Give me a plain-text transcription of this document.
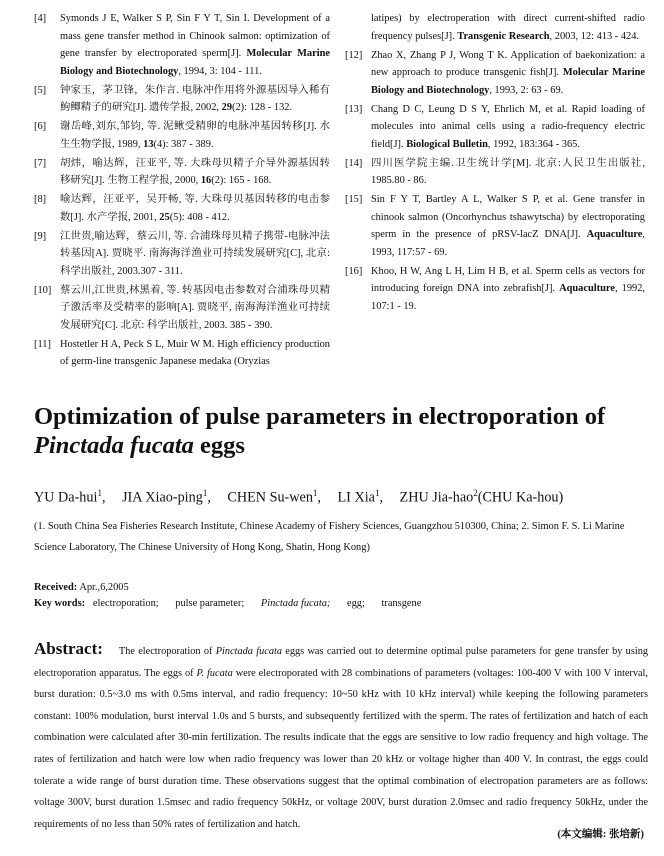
[4] Symonds J E, Walker S P, Sin F Y T, Sin I. Development of a mass gene transfer method in Chinook salmon: optimization of gene transfer by electroporated sperm[J]. Molecular Marine Biology and Biotechnology, 1994, 3: 104 - 111.
[5] 钟家玉，茅卫锋，朱作言. 电脉冲作用将外源基因导入稀有鮈鲫精子的研究[J]. 遗传学报, 2002, 29(2): 128 - 132.
[6] 谢岳峰,刘东,邹钧, 等. 泥鳅受精卵的电脉冲基因转移[J]. 水生生物学报, 1989, 13(4): 387 - 389.
[7] 胡炜，喻达辉，汪亚平, 等. 大珠母贝精子介导外源基因转移研究[J]. 生物工程学报, 2000, 16(2): 165 - 168.
[8] 喻达辉，汪亚平，吴开畅, 等. 大珠母贝基因转移的电击参数[J]. 水产学报, 2001, 25(5): 408 - 412.
[9] 江世贵,喻达辉，蔡云川, 等. 合浦珠母贝精子携带-电脉冲法转基因[A]. 贾晓平. 南海海洋渔业可持续发展研究[C], 北京: 科学出版社, 2003.307 - 311.
[10] 蔡云川,江世贵,林黑着, 等. 转基因电击参数对合浦珠母贝精子激活率及受精率的影响[A]. 贾晓平, 南海海洋渔业可持续发展研究[C]. 北京: 科学出版社, 2003. 385 - 390.
[11] Hostetler H A, Peck S L, Muir W M. High efficiency production of germ-line transgenic Japanese medaka (Oryzias
latipes) by electroperation with direct current-shifted radio frequency pulses[J]. Transgenic Research, 2003, 12: 413 - 424.
[12] Zhao X, Zhang P J, Wong T K. Application of baekonization: a new approach to produce transgenic fish[J]. Molecular Marine Biology and Biotechnology, 1993, 2: 63 - 69.
[13] Chang D C, Leung D S Y, Ehrlich M, et al. Rapid loading of molecules into animal cells using a radio-frequency electric field[J]. Biological Bulletin, 1992, 183:364 - 365.
[14] 四川医学院主编.卫生统计学[M]. 北京:人民卫生出版社, 1985.80 - 86.
[15] Sin F Y T, Bartley A L, Walker S P, et al. Gene transfer in chinook salmon (Oncorhynchus tshawytscha) by electroporating sperm in the presence of pRSV-lacZ DNA[J]. Aquaculture, 1993, 117:57 - 69.
[16] Khoo, H W, Ang L H, Lim H B, et al. Sperm cells as vectors for introducing foreign DNA into zebrafish[J]. Aquaculture, 1992, 107:1 - 19.
Optimization of pulse parameters in electroporation of
Pinctada fucata eggs
YU Da-hui$^1$, JIA Xiao-ping$^1$, CHEN Su-wen$^1$, LI Xia$^1$, ZHU Jia-hao$^2$(CHU Ka-hou)
(1. South China Sea Fisheries Research Institute, Chinese Academy of Fishery Sciences, Guangzhou 510300, China; 2. Simon F. S. Li Marine Science Laboratory, The Chinese University of Hong Kong, Shatin, Hong Kong)
Received: Apr.,6,2005
Key words: electroporation; pulse parameter; Pinctada fucata; egg; transgene

Abstract: The electroporation of Pinctada fucata eggs was carried out to determine optimal pulse parameters for gene transfer by using electroporation apparatus. The eggs of P. fucata were electroporated with 28 combinations of parameters (voltages: 100-400 V with 100 V interval, burst duration: 0.5~3.0 ms with 0.5ms interval, and radio frequency: 10~50 kHz with 10 kHz interval) while keeping the following parameters constant: 100% modulation, burst interval 1.0s and 5 bursts, and subsequently fertilized with the sperm. The rates of fertilization and hatch of each combination were calculated after 30-min fertilization. The results indicate that the eggs are sensitive to low radio frequency and high voltage. The rates of fertilization and hatch were low when radio frequency was lower than 20 kHz or voltage higher than 400 V. In contrast, the eggs could tolerate a wide range of burst duration time. These observations suggest that the optimal combination of electropation parameters are as follows: voltage 300V, burst duration 1.5msec and radio frequency 50kHz, or voltage 200V, burst duration 2.0msec and radio frequency 50kHz, under the requirements of no less than 50% rates of fertilization and hatch.

(本文编辑: 张培新)
